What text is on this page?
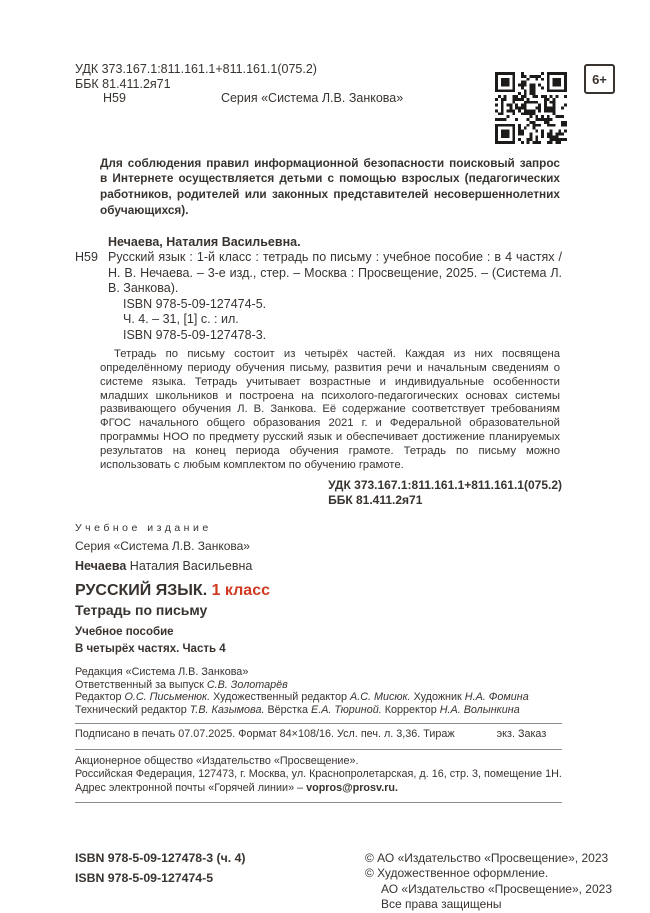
УДК 373.167.1:811.161.1+811.161.1(075.2)
ББК 81.411.2я71
Н59	Серия «Система Л.В. Занкова»
6+
Для соблюдения правил информационной безопасности поисковый запрос в Интернете осуществляется детьми с помощью взрослых (педагогических работников, родителей или законных представителей несовершеннолетних обучающихся).
Нечаева, Наталия Васильевна.
Н59 Русский язык : 1-й класс : тетрадь по письму : учебное пособие : в 4 частях / Н. В. Нечаева. – 3-е изд., стер. – Москва : Просвещение, 2025. – (Система Л. В. Занкова).
ISBN 978-5-09-127474-5.
Ч. 4. – 31, [1] с. : ил.
ISBN 978-5-09-127478-3.
Тетрадь по письму состоит из четырёх частей. Каждая из них посвящена определённому периоду обучения письму, развития речи и начальным сведениям о системе языка. Тетрадь учитывает возрастные и индивидуальные особенности младших школьников и построена на психолого-педагогических основах системы развивающего обучения Л. В. Занкова. Её содержание соответствует требованиям ФГОС начального общего образования 2021 г. и Федеральной образовательной программы НОО по предмету русский язык и обеспечивает достижение планируемых результатов на конец периода обучения грамоте. Тетрадь по письму можно использовать с любым комплектом по обучению грамоте.
УДК 373.167.1:811.161.1+811.161.1(075.2)
ББК 81.411.2я71
Учебное издание
Серия «Система Л.В. Занкова»
Нечаева Наталия Васильевна
РУССКИЙ ЯЗЫК. 1 класс
Тетрадь по письму
Учебное пособие
В четырёх частях. Часть 4
Редакция «Система Л.В. Занкова»
Ответственный за выпуск С.В. Золотарёв
Редактор О.С. Письменюк. Художественный редактор А.С. Мисюк. Художник Н.А. Фомина
Технический редактор Т.В. Казымова. Вёрстка Е.А. Тюриной. Корректор Н.А. Волынкина
Подписано в печать 07.07.2025. Формат 84×108/16. Усл. печ. л. 3,36. Тираж	экз. Заказ
Акционерное общество «Издательство «Просвещение».
Российская Федерация, 127473, г. Москва, ул. Краснопролетарская, д. 16, стр. 3, помещение 1Н.
Адрес электронной почты «Горячей линии» – vopros@prosv.ru.
ISBN 978-5-09-127478-3 (ч. 4)
ISBN 978-5-09-127474-5
© АО «Издательство «Просвещение», 2023
© Художественное оформление.
АО «Издательство «Просвещение», 2023
Все права защищены
